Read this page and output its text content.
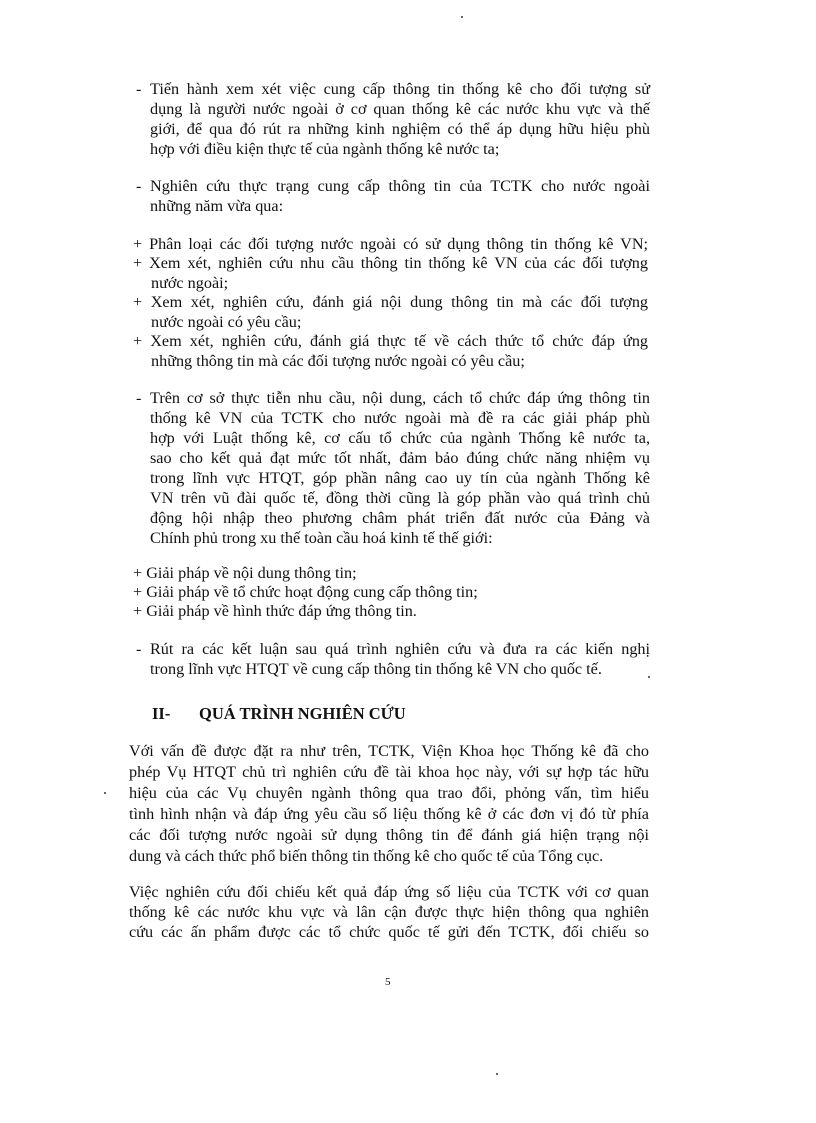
- Tiến hành xem xét việc cung cấp thông tin thống kê cho đối tượng sử
dụng là người nước ngoài ở cơ quan thống kê các nước khu vực và thế
giới, để qua đó rút ra những kinh nghiệm có thể áp dụng hữu hiệu phù
hợp với điều kiện thực tế của ngành thống kê nước ta;
- Nghiên cứu thực trạng cung cấp thông tin của TCTK cho nước ngoài
những năm vừa qua:
+ Phân loại các đối tượng nước ngoài có sử dụng thông tin thống kê VN;
+ Xem xét, nghiên cứu nhu cầu thông tin thống kê VN của các đối tượng
nước ngoài;
+ Xem xét, nghiên cứu, đánh giá nội dung thông tin mà các đối tượng
nước ngoài có yêu cầu;
+ Xem xét, nghiên cứu, đánh giá thực tế về cách thức tổ chức đáp ứng
những thông tin mà các đối tượng nước ngoài có yêu cầu;
- Trên cơ sở thực tiễn nhu cầu, nội dung, cách tổ chức đáp ứng thông tin
thống kê VN của TCTK cho nước ngoài mà đề ra các giải pháp phù
hợp với Luật thống kê, cơ cấu tổ chức của ngành Thống kê nước ta,
sao cho kết quả đạt mức tốt nhất, đảm bảo đúng chức năng nhiệm vụ
trong lĩnh vực HTQT, góp phần nâng cao uy tín của ngành Thống kê
VN trên vũ đài quốc tế, đồng thời cũng là góp phần vào quá trình chủ
động hội nhập theo phương châm phát triển đất nước của Đảng và
Chính phủ trong xu thế toàn cầu hoá kinh tế thế giới:
+ Giải pháp về nội dung thông tin;
+ Giải pháp về tổ chức hoạt động cung cấp thông tin;
+ Giải pháp về hình thức đáp ứng thông tin.
- Rút ra các kết luận sau quá trình nghiên cứu và đưa ra các kiến nghị
trong lĩnh vực HTQT về cung cấp thông tin thống kê VN cho quốc tế.
II- QUÁ TRÌNH NGHIÊN CỨU
Với vấn đề được đặt ra như trên, TCTK, Viện Khoa học Thống kê đã cho
phép Vụ HTQT chủ trì nghiên cứu đề tài khoa học này, với sự hợp tác hữu
hiệu của các Vụ chuyên ngành thông qua trao đổi, phỏng vấn, tìm hiểu
tình hình nhận và đáp ứng yêu cầu số liệu thống kê ở các đơn vị đó từ phía
các đối tượng nước ngoài sử dụng thông tin để đánh giá hiện trạng nội
dung và cách thức phổ biến thông tin thống kê cho quốc tế của Tổng cục.
Việc nghiên cứu đối chiếu kết quả đáp ứng số liệu của TCTK với cơ quan
thống kê các nước khu vực và lân cận được thực hiện thông qua nghiên
cứu các ấn phẩm được các tổ chức quốc tế gửi đến TCTK, đối chiếu so
5
